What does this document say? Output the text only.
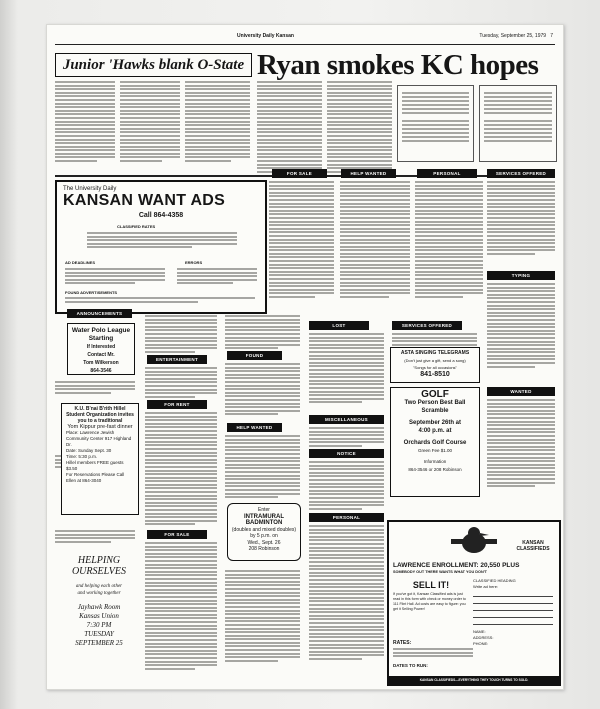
University Daily Kansan	Tuesday, September 25, 1979 7
Junior 'Hawks blank O-State Ryan smokes KC hopes
The University Daily
KANSAN WANT ADS
Call 864-4358
CLASSIFIED RATES
AD DEADLINES	ERRORS
FOUND ADVERTISEMENTS
FOR SALE	HELP WANTED	PERSONAL	SERVICES OFFERED
ANNOUNCEMENTS
ENTERTAINMENT
FOR RENT
FOR SALE
FOUND
HELP WANTED
LOST
MISCELLANEOUS
NOTICE
PERSONAL
SERVICES OFFERED
TYPING
WANTED
Water Polo League
Starting
If Interested
Contact Mr.
Tom Wilkerson
864-3546
K.U. B'nai B'rith Hillel Student Organization invites you to a traditional
Yom Kippur pre-fast dinner
Place: Lawrence Jewish Community Center 917 Highland Dr.
Date: Sunday Sept. 30
Time: 5:30 p.m.
Hillel members FREE guests $3.50
For Reservations Please Call Ellen at 864-3040
HELPING
OURSELVES
and helping each other
and working together
Jayhawk Room
Kansas Union
7:30 PM
TUESDAY
SEPTEMBER 25
Enter
INTRAMURAL
BADMINTON
(doubles and mixed doubles)
by 5 p.m. on
Wed., Sept. 26
208 Robinson
ASTA SINGING TELEGRAMS
(Don't just give a gift, send a song)
"Songs for all occasions"
841-8510
GOLF
Two Person Best Ball
Scramble
September 26th at
4:00 p.m. at
Orchards Golf Course
Green Fee $1.00
Information
864-3546 or 208 Robinson
KANSAN CLASSIFIEDS
LAWRENCE ENROLLMENT: 20,550 PLUS
SOMEBODY OUT THERE WANTS WHAT YOU DON'T
SELL IT!
If you've got it, Kansan Classified ads is just read in this form with check or money order to 111 Flint Hall. Ad costs are easy to figure: you get it Selling Power!
CLASSIFIED HEADING
Write ad here:
NAME:
ADDRESS:
PHONE:
RATES:
DATES TO RUN:
KANSAN CLASSIFIEDS—EVERYTHING THEY TOUCH TURNS TO SOLD.
